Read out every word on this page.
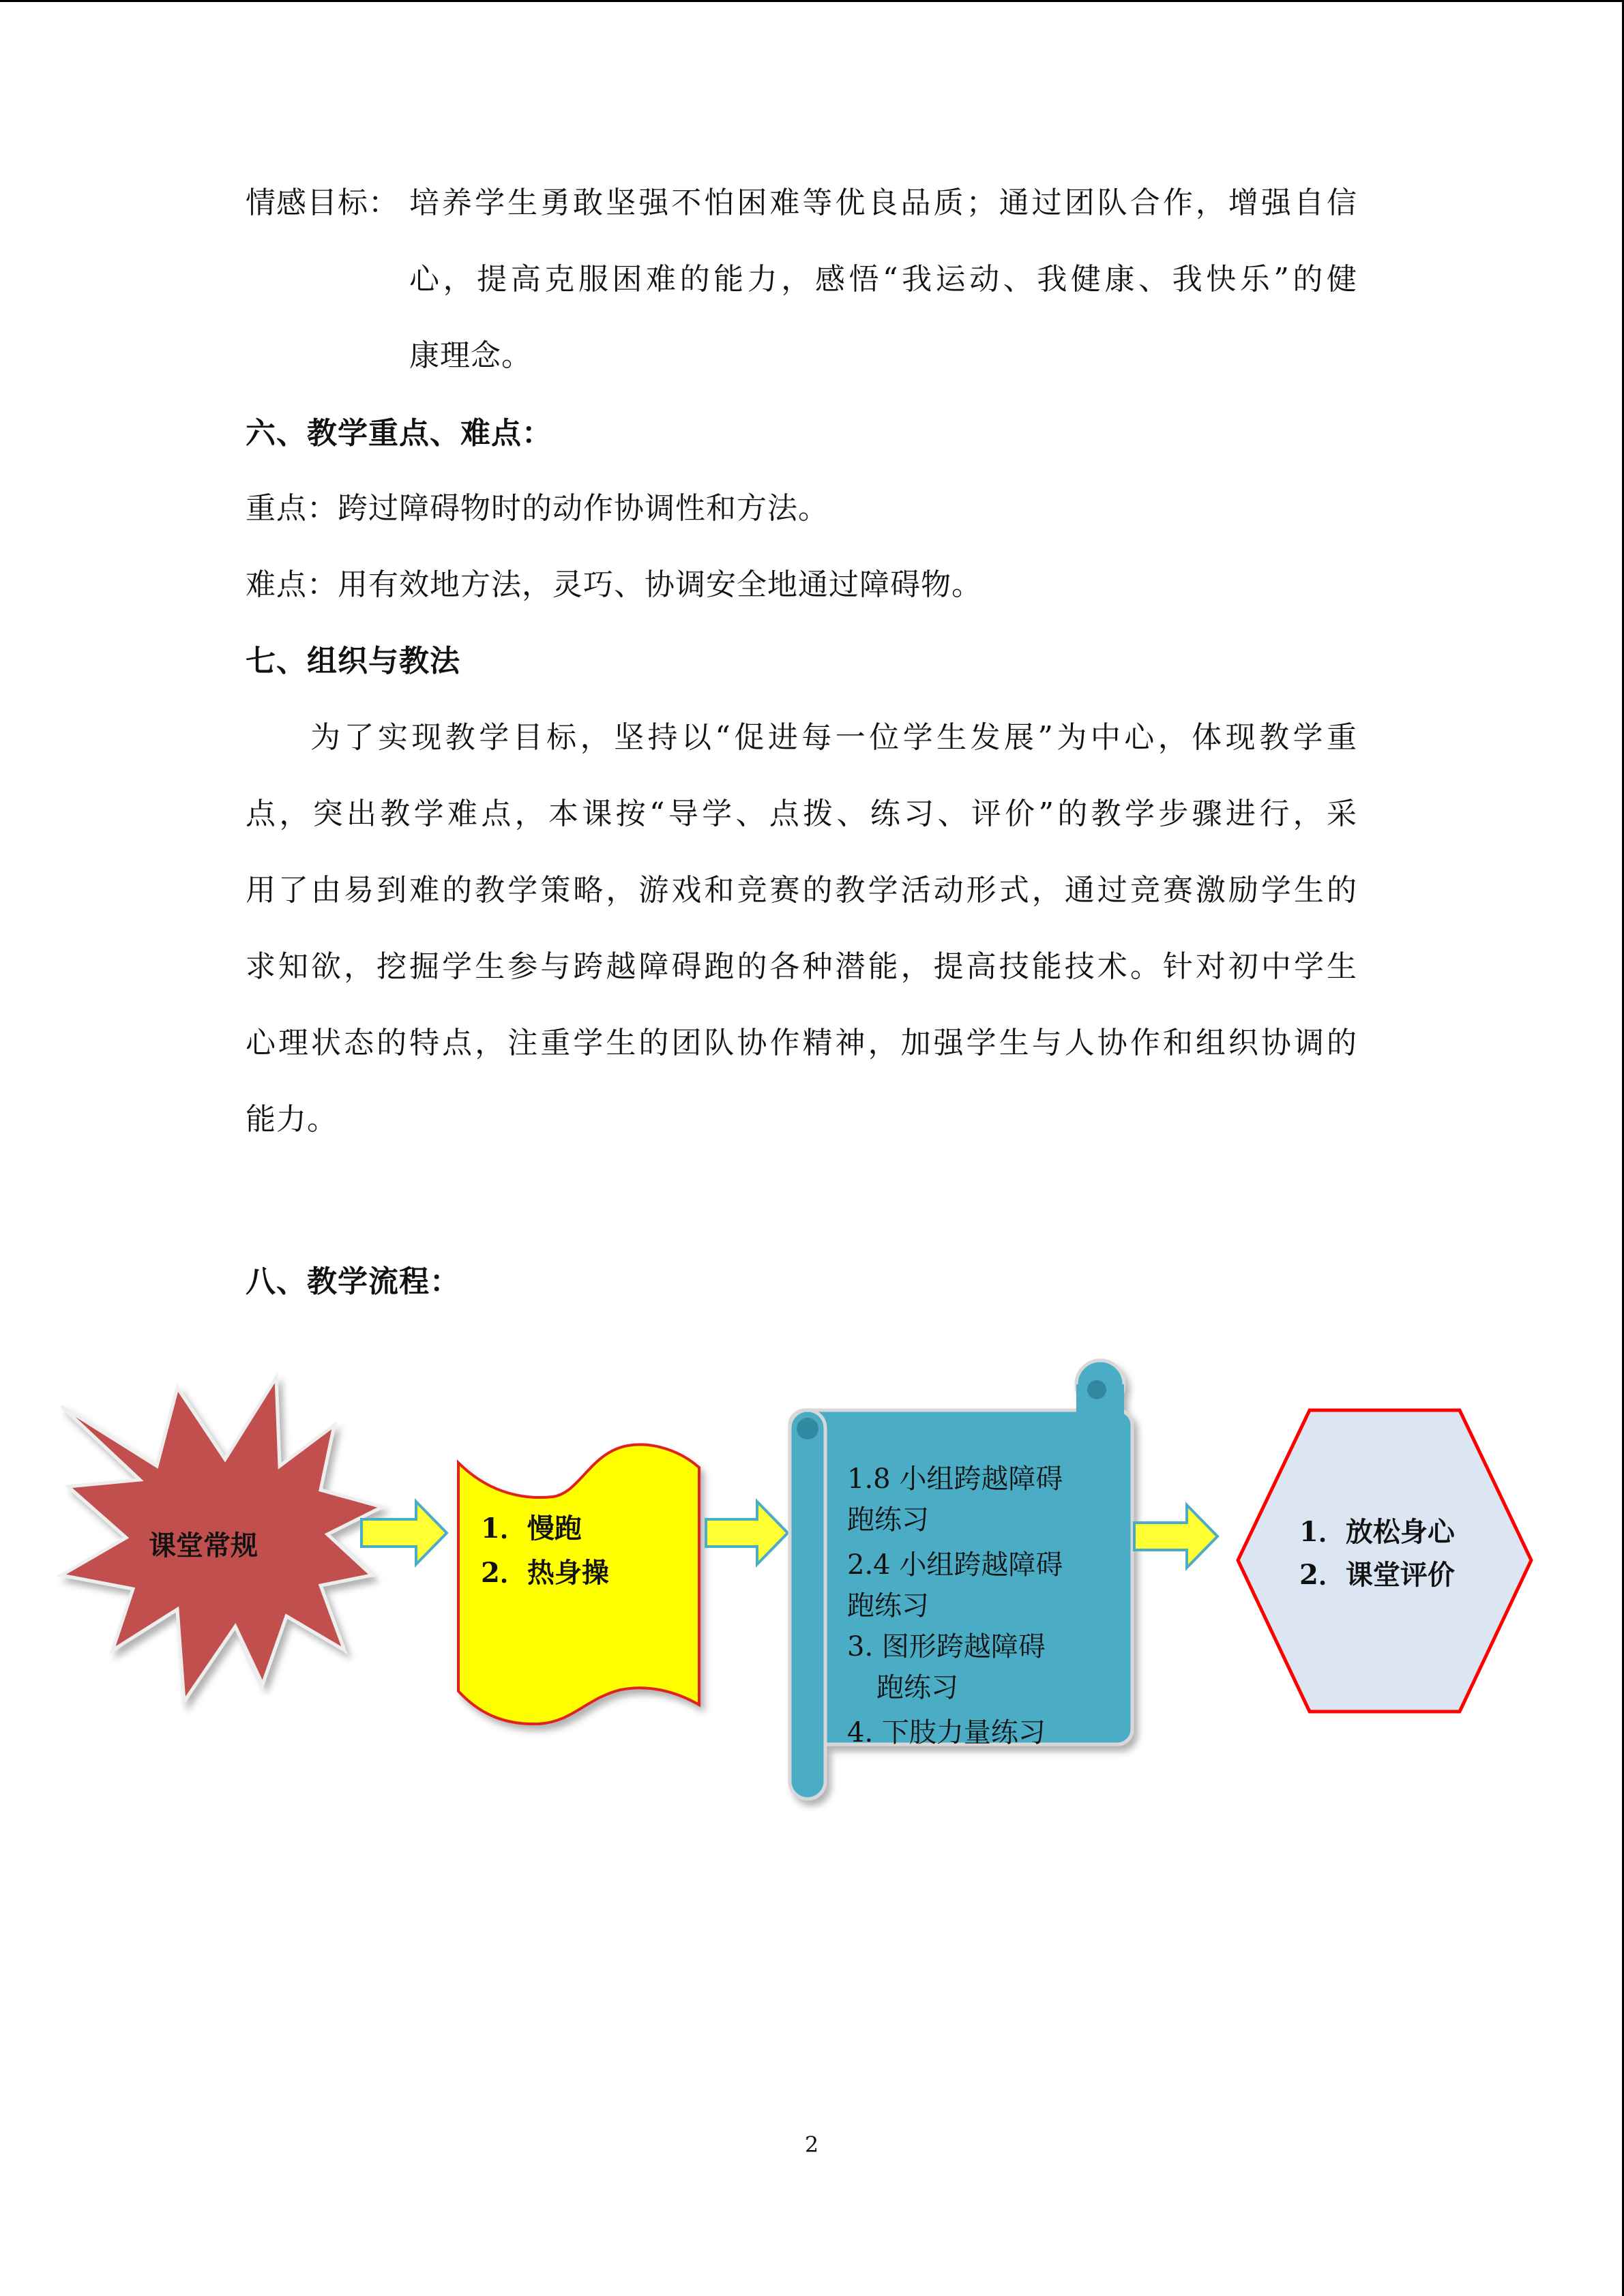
情感目标： 培养学生勇敢坚强不怕困难等优良品质；通过团队合作，增强自信
心，提高克服困难的能力，感悟“我运动、我健康、我快乐”的健
康理念。
六、教学重点、难点：
重点：跨过障碍物时的动作协调性和方法。
难点：用有效地方法，灵巧、协调安全地通过障碍物。
七、组织与教法
为了实现教学目标，坚持以“促进每一位学生发展”为中心，体现教学重
点，突出教学难点，本课按“导学、点拨、练习、评价”的教学步骤进行，采
用了由易到难的教学策略，游戏和竞赛的教学活动形式，通过竞赛激励学生的
求知欲，挖掘学生参与跨越障碍跑的各种潜能，提高技能技术。针对初中学生
心理状态的特点，注重学生的团队协作精神，加强学生与人协作和组织协调的
能力。
八、教学流程：
课堂常规
1．慢跑
2．热身操
1.8 小组跨越障碍
跑练习
2.4 小组跨越障碍
跑练习
3. 图形跨越障碍
跑练习
4. 下肢力量练习
1．放松身心
2．课堂评价
2
